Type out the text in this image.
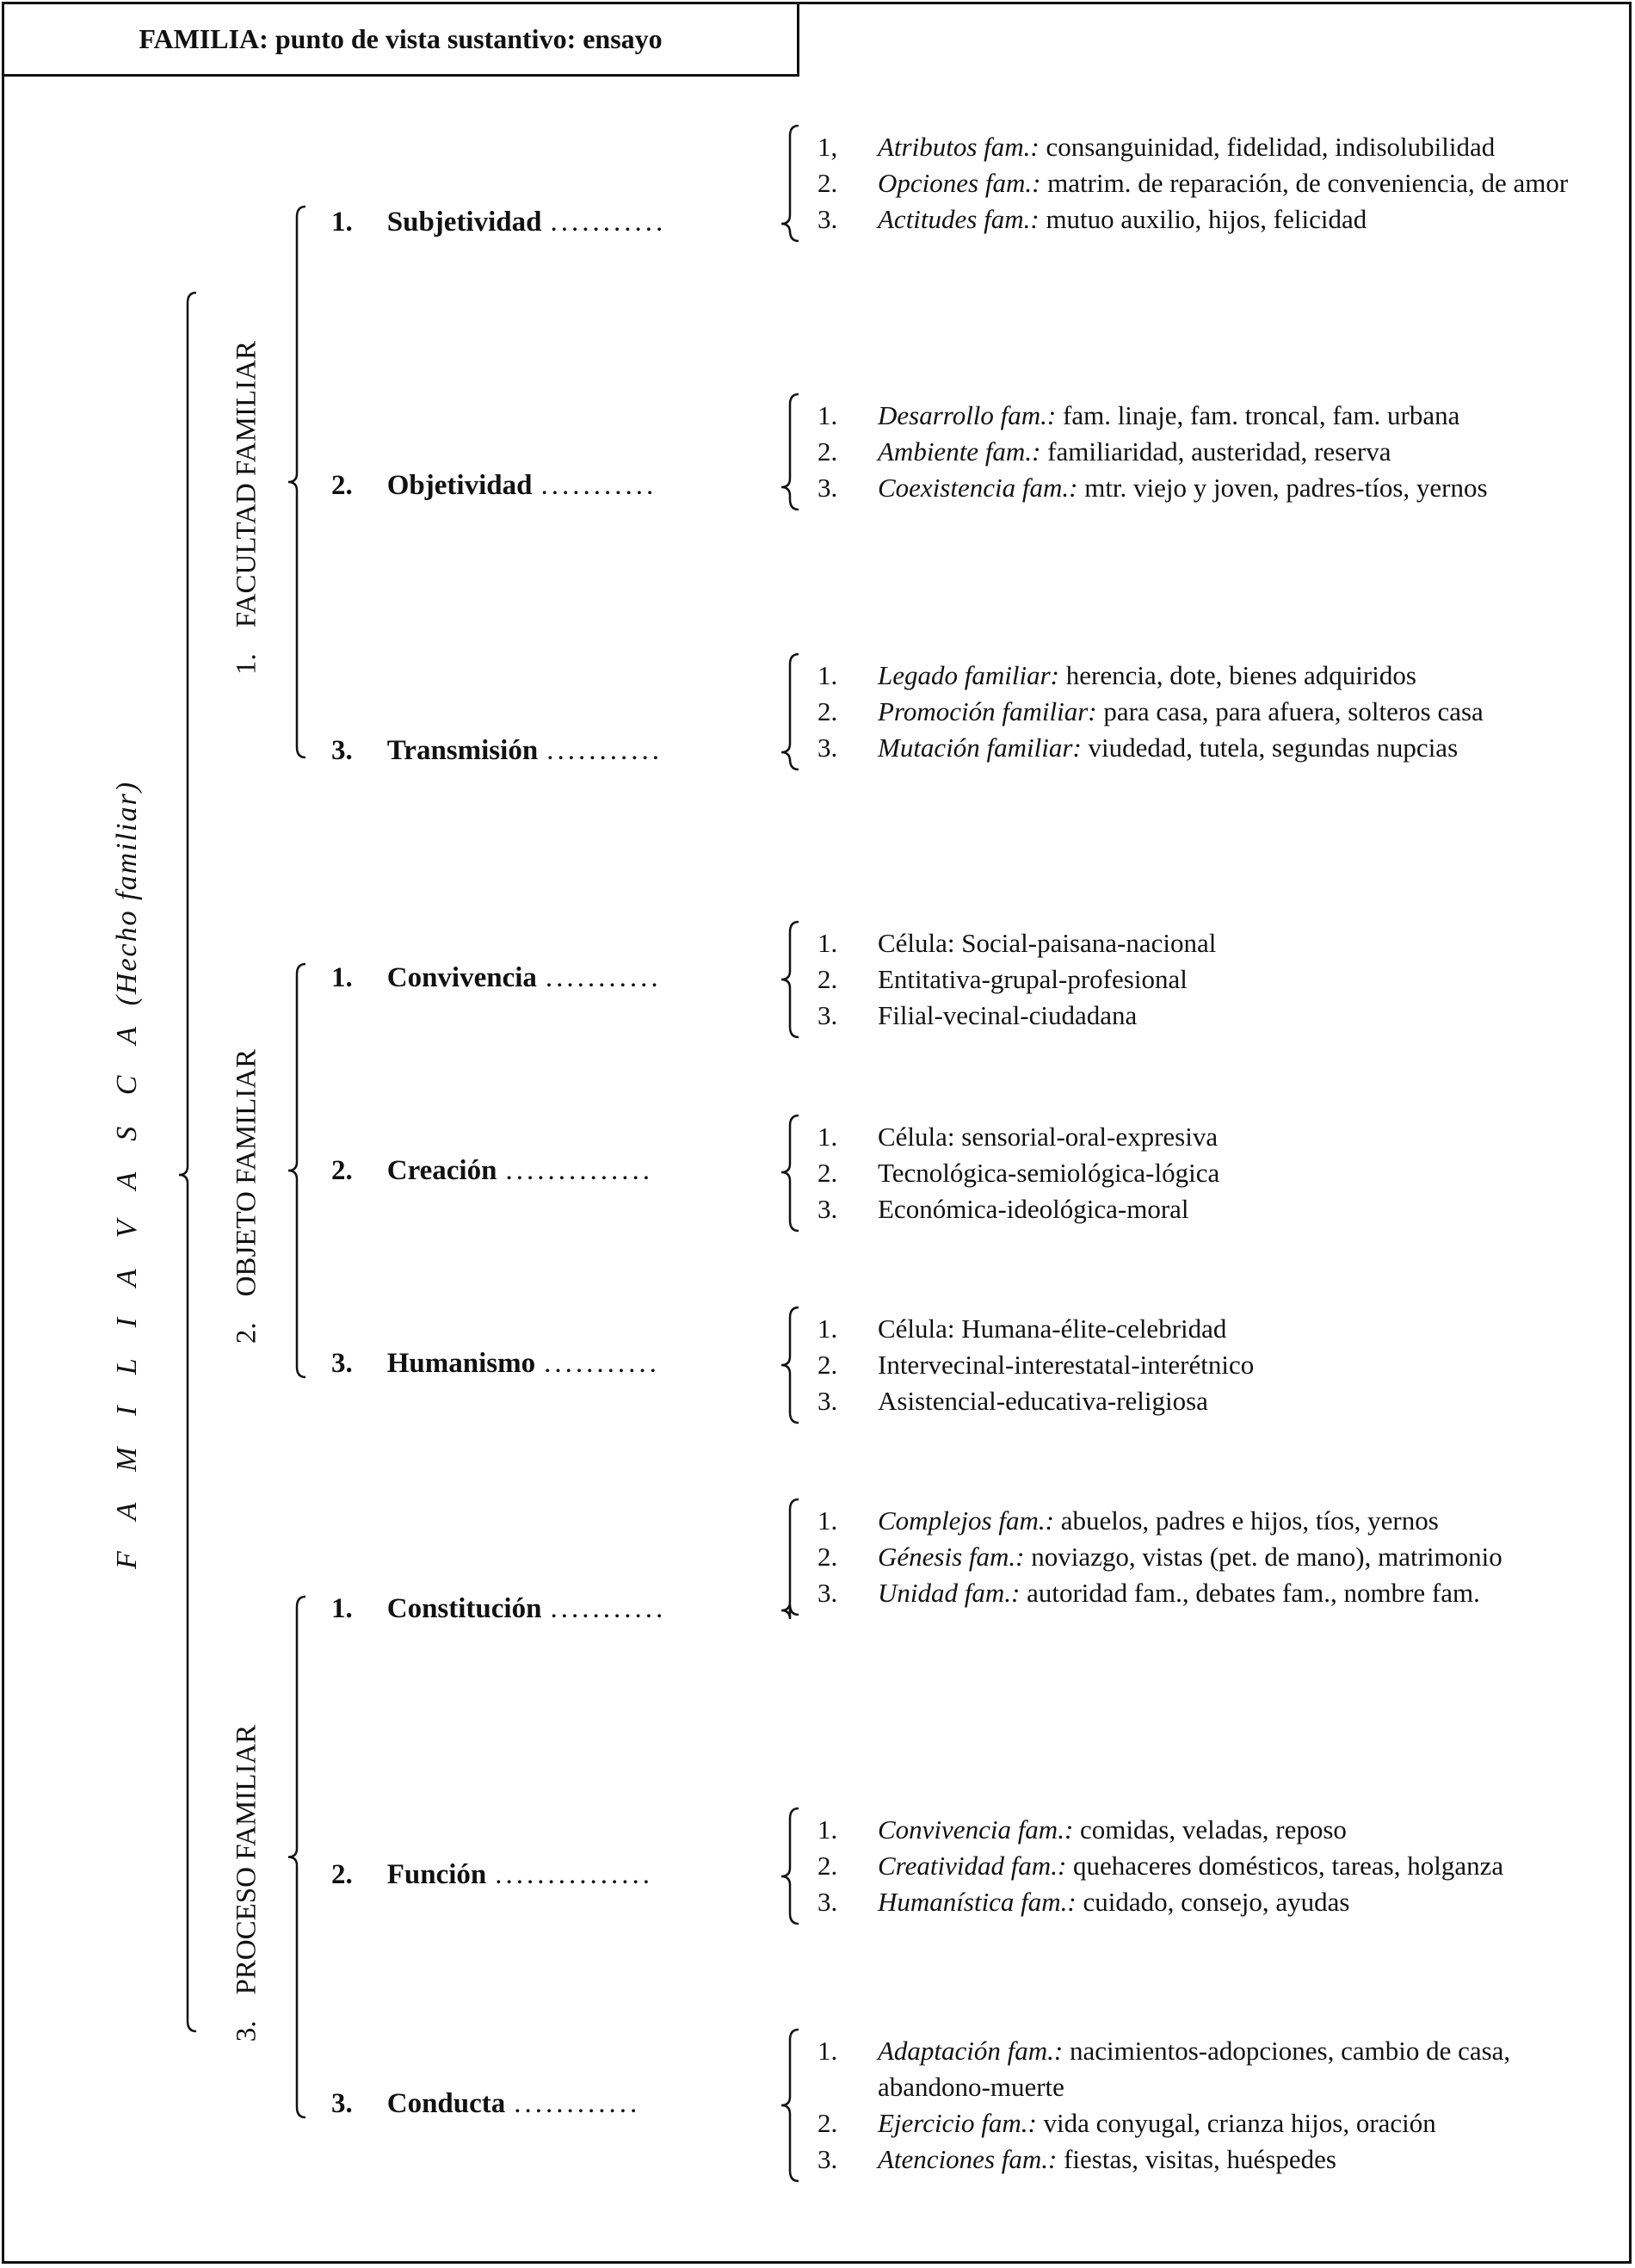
FAMILIA: punto de vista sustantivo: ensayo
F A M I L I A V A S C A (Hecho familiar)
1.FACULTAD FAMILIAR
1. Subjetividad ...........
1,	Atributos fam.: consanguinidad, fidelidad, indisolubilidad
2.	Opciones fam.: matrim. de reparación, de conveniencia, de amor
3.	Actitudes fam.: mutuo auxilio, hijos, felicidad
2. Objetividad ...........
1.	Desarrollo fam.: fam. linaje, fam. troncal, fam. urbana
2.	Ambiente fam.: familiaridad, austeridad, reserva
3.	Coexistencia fam.: mtr. viejo y joven, padres-tíos, yernos
3. Transmisión ...........
1.	Legado familiar: herencia, dote, bienes adquiridos
2.	Promoción familiar: para casa, para afuera, solteros casa
3.	Mutación familiar: viudedad, tutela, segundas nupcias
2.OBJETO FAMILIAR
1. Convivencia ...........
1.	Célula: Social-paisana-nacional
2.	Entitativa-grupal-profesional
3.	Filial-vecinal-ciudadana
2. Creación ..............
1.	Célula: sensorial-oral-expresiva
2.	Tecnológica-semiológica-lógica
3.	Económica-ideológica-moral
3. Humanismo ...........
1.	Célula: Humana-élite-celebridad
2.	Intervecinal-interestatal-interétnico
3.	Asistencial-educativa-religiosa
3.PROCESO FAMILIAR
1. Constitución ...........
1.	Complejos fam.: abuelos, padres e hijos, tíos, yernos
2.	Génesis fam.: noviazgo, vistas (pet. de mano), matrimonio
3.	Unidad fam.: autoridad fam., debates fam., nombre fam.
2. Función ...............
1.	Convivencia fam.: comidas, veladas, reposo
2.	Creatividad fam.: quehaceres domésticos, tareas, holganza
3.	Humanística fam.: cuidado, consejo, ayudas
3. Conducta ............
1.	Adaptación fam.: nacimientos-adopciones, cambio de casa, abandono-muerte
2.	Ejercicio fam.: vida conyugal, crianza hijos, oración
3.	Atenciones fam.: fiestas, visitas, huéspedes
